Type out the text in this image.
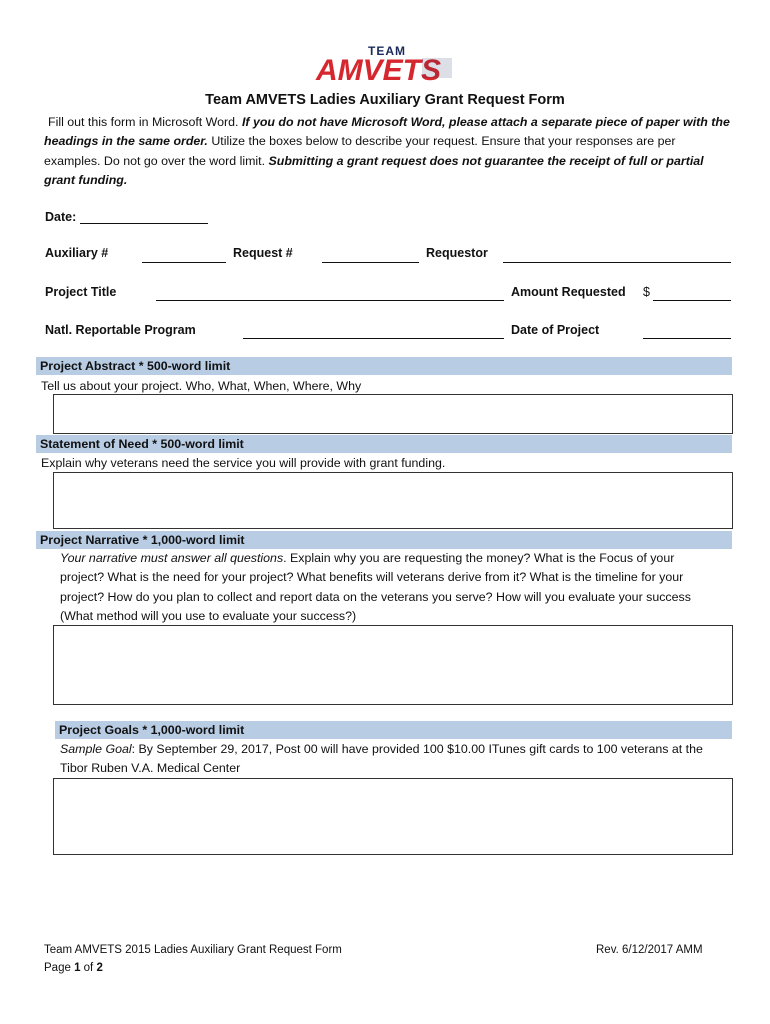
TEAM
AMVETS
Team AMVETS Ladies Auxiliary Grant Request Form
Fill out this form in Microsoft Word. If you do not have Microsoft Word, please attach a separate piece of paper with the headings in the same order. Utilize the boxes below to describe your request. Ensure that your responses are per examples. Do not go over the word limit. Submitting a grant request does not guarantee the receipt of full or partial grant funding.
Date:
Auxiliary #	Request #	Requestor
Project Title	Amount Requested $
Natl. Reportable Program	Date of Project
Project Abstract * 500-word limit
Tell us about your project. Who, What, When, Where, Why
Statement of Need * 500-word limit
Explain why veterans need the service you will provide with grant funding.
Project Narrative * 1,000-word limit
Your narrative must answer all questions. Explain why you are requesting the money? What is the Focus of your project? What is the need for your project? What benefits will veterans derive from it? What is the timeline for your project? How do you plan to collect and report data on the veterans you serve? How will you evaluate your success (What method will you use to evaluate your success?)
Project Goals * 1,000-word limit
Sample Goal: By September 29, 2017, Post 00 will have provided 100 $10.00 ITunes gift cards to 100 veterans at the Tibor Ruben V.A. Medical Center
Team AMVETS 2015 Ladies Auxiliary Grant Request Form
Page 1 of 2
Rev. 6/12/2017 AMM
